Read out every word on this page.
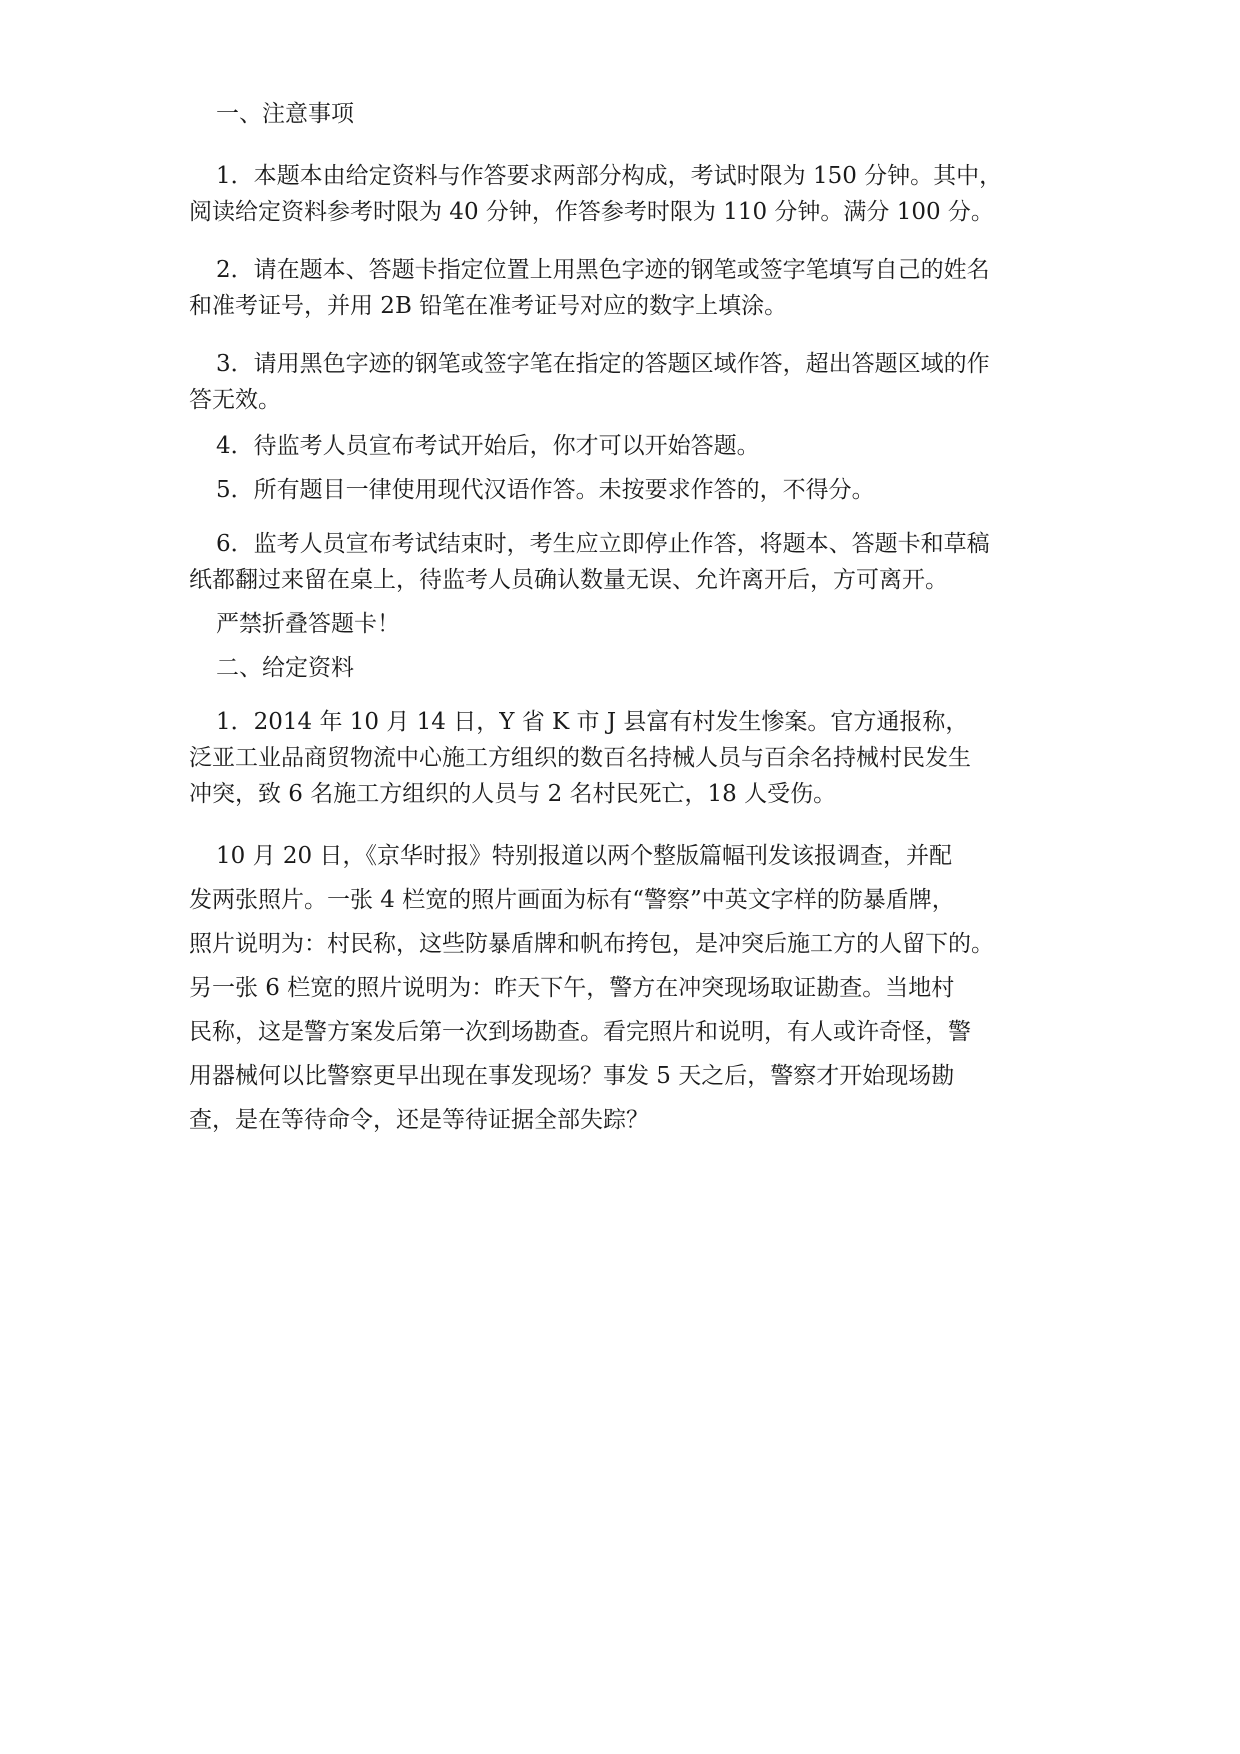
一、注意事项
1．本题本由给定资料与作答要求两部分构成，考试时限为 150 分钟。其中，
阅读给定资料参考时限为 40 分钟，作答参考时限为 110 分钟。满分 100 分。
2．请在题本、答题卡指定位置上用黑色字迹的钢笔或签字笔填写自己的姓名
和准考证号，并用 2B 铅笔在准考证号对应的数字上填涂。
3．请用黑色字迹的钢笔或签字笔在指定的答题区域作答，超出答题区域的作
答无效。
4．待监考人员宣布考试开始后，你才可以开始答题。
5．所有题目一律使用现代汉语作答。未按要求作答的，不得分。
6．监考人员宣布考试结束时，考生应立即停止作答，将题本、答题卡和草稿
纸都翻过来留在桌上，待监考人员确认数量无误、允许离开后，方可离开。
严禁折叠答题卡！
二、给定资料
1．2014 年 10 月 14 日，Y 省 K 市 J 县富有村发生惨案。官方通报称，
泛亚工业品商贸物流中心施工方组织的数百名持械人员与百余名持械村民发生
冲突，致 6 名施工方组织的人员与 2 名村民死亡，18 人受伤。
10 月 20 日，《京华时报》特别报道以两个整版篇幅刊发该报调查，并配
发两张照片。一张 4 栏宽的照片画面为标有“警察”中英文字样的防暴盾牌，
照片说明为：村民称，这些防暴盾牌和帆布挎包，是冲突后施工方的人留下的。
另一张 6 栏宽的照片说明为：昨天下午，警方在冲突现场取证勘查。当地村
民称，这是警方案发后第一次到场勘查。看完照片和说明，有人或许奇怪，警
用器械何以比警察更早出现在事发现场？事发 5 天之后，警察才开始现场勘
查，是在等待命令，还是等待证据全部失踪？
